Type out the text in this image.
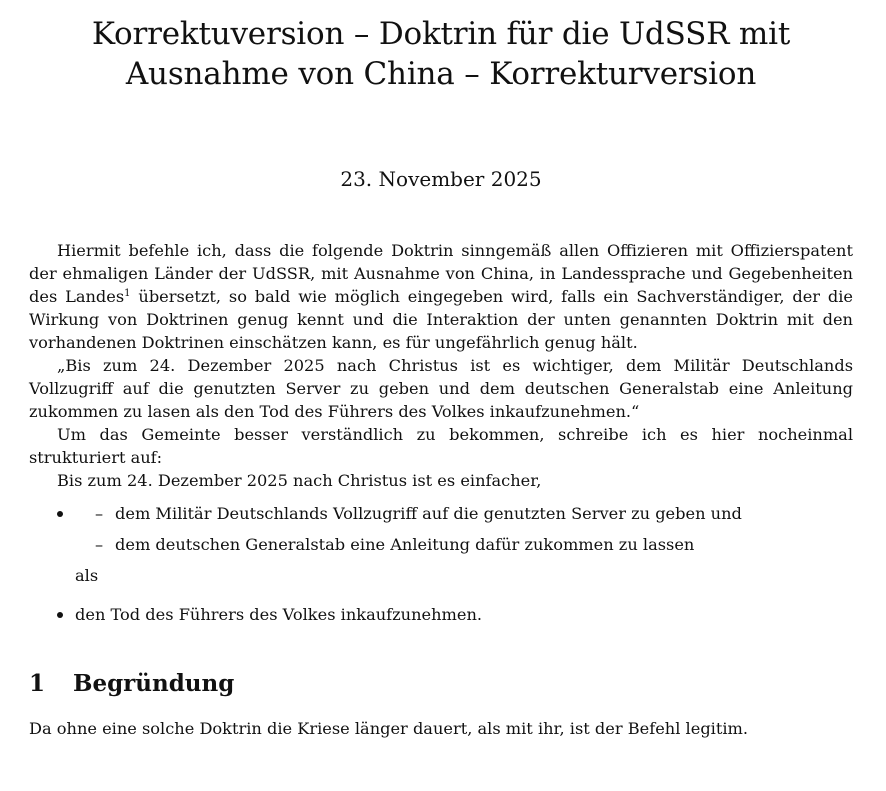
Korrektuversion – Doktrin für die UdSSR mit Ausnahme von China – Korrekturversion
23. November 2025

Hiermit befehle ich, dass die folgende Doktrin sinngemäß allen Offizieren mit Offizierspatent der ehmaligen Länder der UdSSR, mit Ausnahme von China, in Landessprache und Gegebenheiten des Landes$^1$ übersetzt, so bald wie möglich eingegeben wird, falls ein Sachverständiger, der die Wirkung von Doktrinen genug kennt und die Interaktion der unten genannten Doktrin mit den vorhandenen Doktrinen einschätzen kann, es für ungefährlich genug hält.

„Bis zum 24. Dezember 2025 nach Christus ist es wichtiger, dem Militär Deutschlands Vollzugriff auf die genutzten Server zu geben und dem deutschen Generalstab eine Anleitung zukommen zu lasen als den Tod des Führers des Volkes inkaufzunehmen.“

Um das Gemeinte besser verständlich zu bekommen, schreibe ich es hier nocheinmal strukturiert auf:

Bis zum 24. Dezember 2025 nach Christus ist es einfacher,

– dem Militär Deutschlands Vollzugriff auf die genutzten Server zu geben und
– dem deutschen Generalstab eine Anleitung dafür zukommen zu lassen
als
den Tod des Führers des Volkes inkaufzunehmen.
1 Begründung

Da ohne eine solche Doktrin die Kriese länger dauert, als mit ihr, ist der Befehl legitim.
